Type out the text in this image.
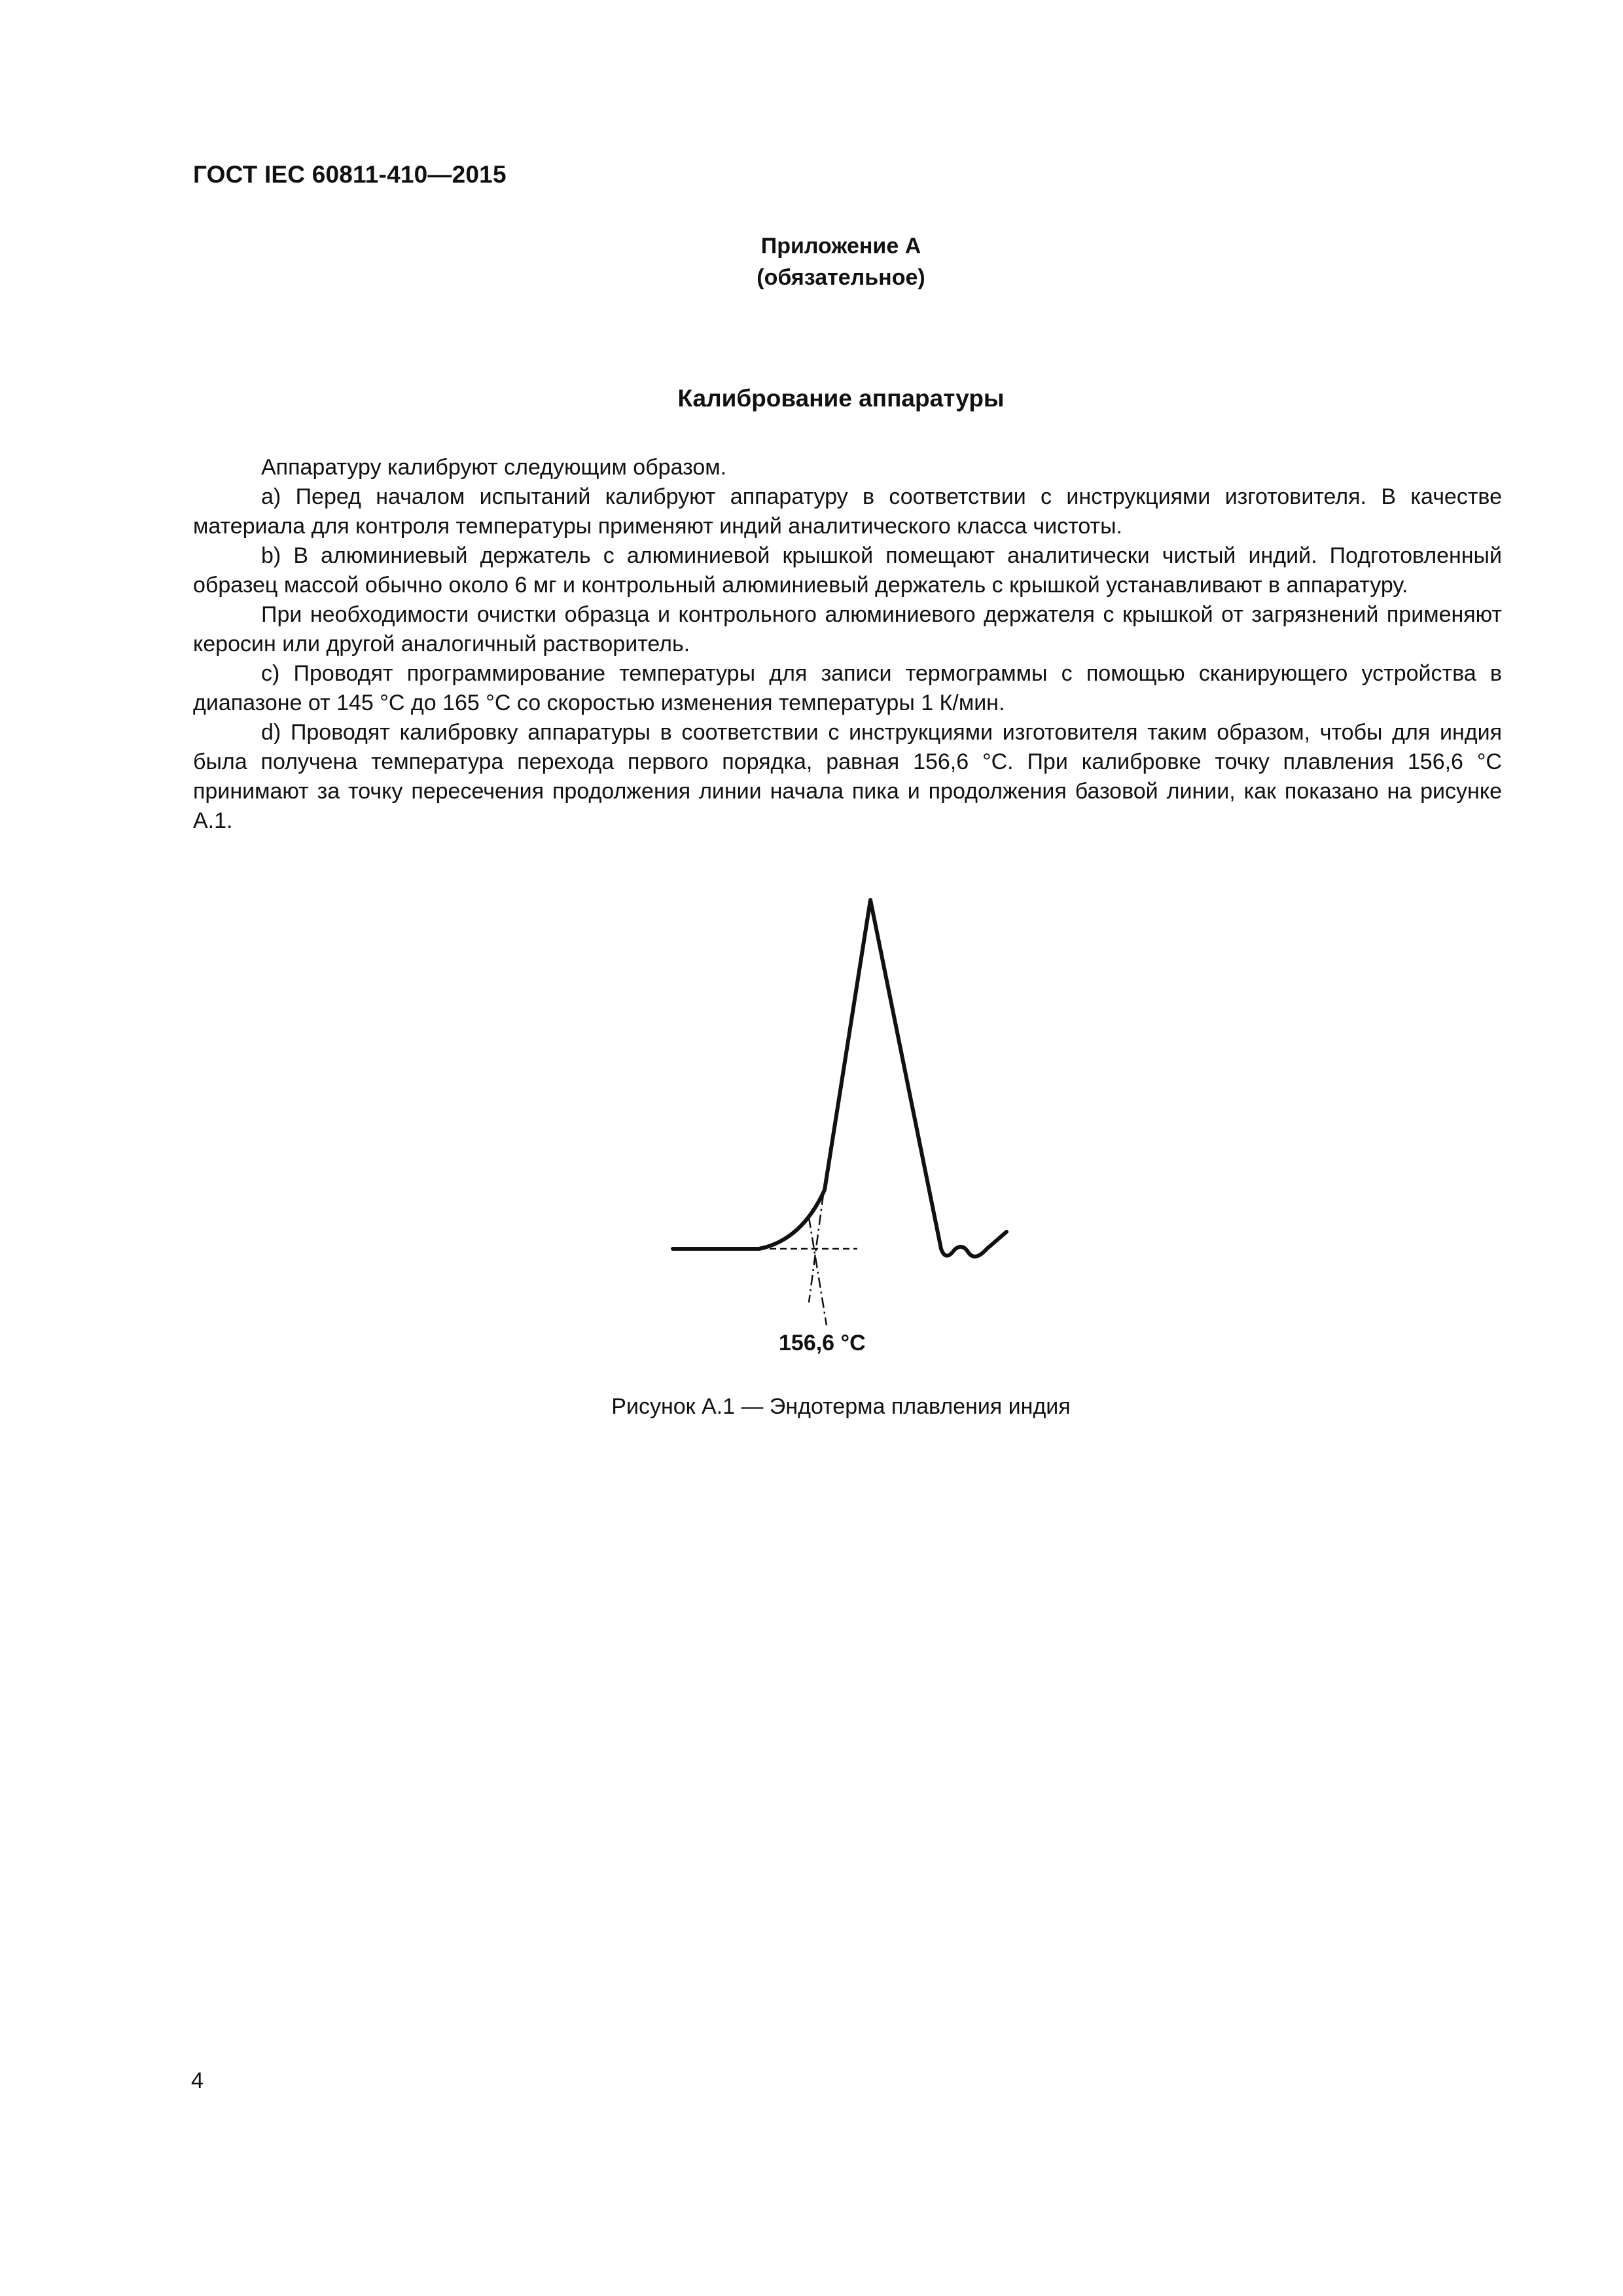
ГОСТ IEC 60811-410—2015
Приложение А
(обязательное)
Калибрование аппаратуры

Аппаратуру калибруют следующим образом.

a) Перед началом испытаний калибруют аппаратуру в соответствии с инструкциями изготовителя. В качестве материала для контроля температуры применяют индий аналитического класса чистоты.

b) В алюминиевый держатель с алюминиевой крышкой помещают аналитически чистый индий. Подготовленный образец массой обычно около 6 мг и контрольный алюминиевый держатель с крышкой устанавливают в аппаратуру.

При необходимости очистки образца и контрольного алюминиевого держателя с крышкой от загрязнений применяют керосин или другой аналогичный растворитель.

c) Проводят программирование температуры для записи термограммы с помощью сканирующего устройства в диапазоне от 145 °С до 165 °С со скоростью изменения температуры 1 К/мин.

d) Проводят калибровку аппаратуры в соответствии с инструкциями изготовителя таким образом, чтобы для индия была получена температура перехода первого порядка, равная 156,6 °С. При калибровке точку плавления 156,6 °С принимают за точку пересечения продолжения линии начала пика и продолжения базовой линии, как показано на рисунке А.1.

156,6 °С
Рисунок А.1 — Эндотерма плавления индия
4
